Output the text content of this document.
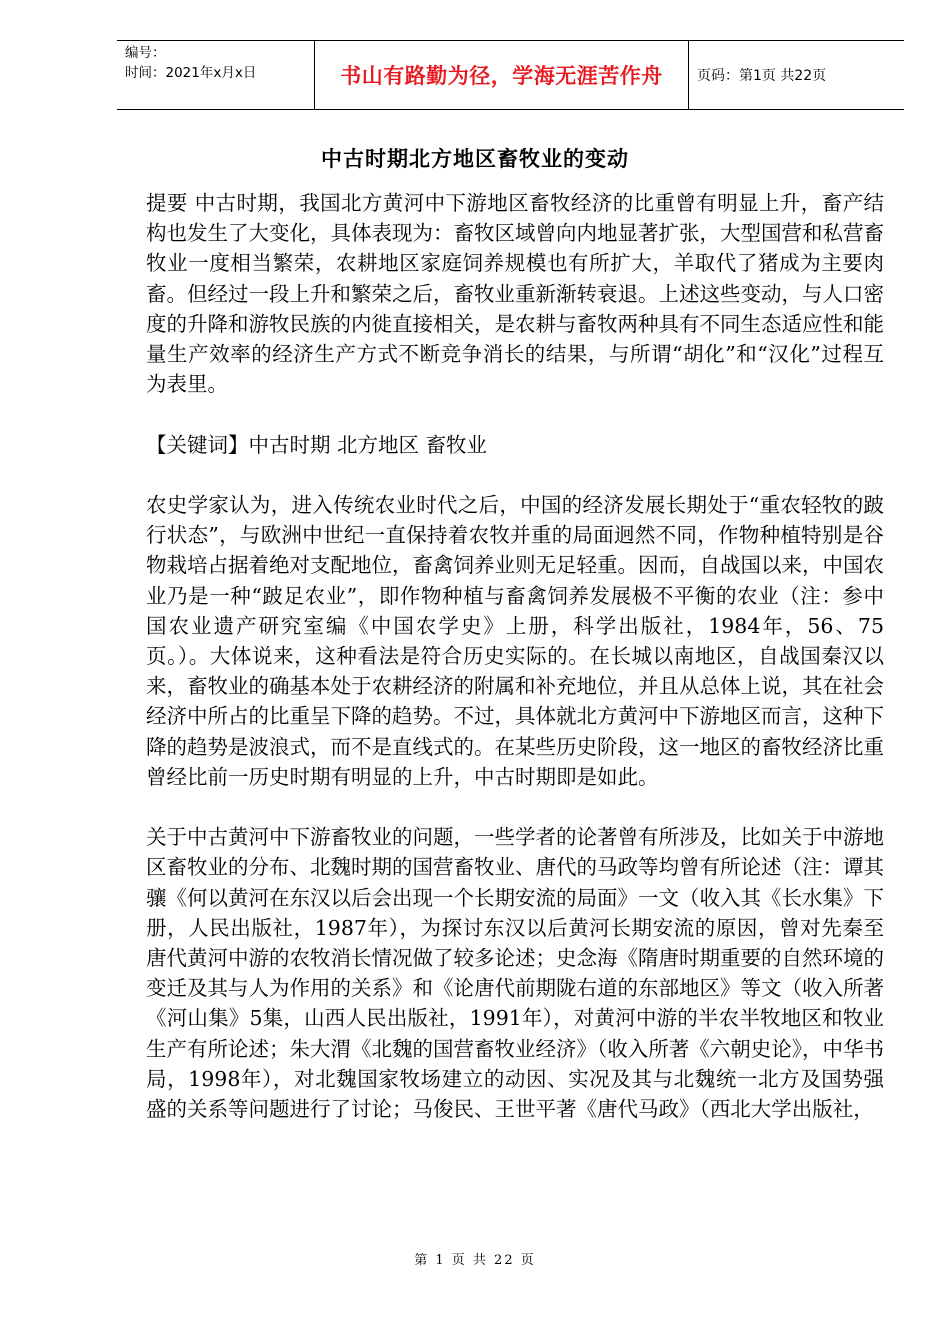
编号：
时间：2021年x月x日	书山有路勤为径，学海无涯苦作舟	页码：第1页 共22页
中古时期北方地区畜牧业的变动

提要 中古时期，我国北方黄河中下游地区畜牧经济的比重曾有明显上升，畜产结构也发生了大变化，具体表现为：畜牧区域曾向内地显著扩张，大型国营和私营畜牧业一度相当繁荣，农耕地区家庭饲养规模也有所扩大，羊取代了猪成为主要肉畜。但经过一段上升和繁荣之后，畜牧业重新渐转衰退。上述这些变动，与人口密度的升降和游牧民族的内徙直接相关，是农耕与畜牧两种具有不同生态适应性和能量生产效率的经济生产方式不断竞争消长的结果，与所谓“胡化”和“汉化”过程互为表里。

【关键词】中古时期 北方地区 畜牧业

农史学家认为，进入传统农业时代之后，中国的经济发展长期处于“重农轻牧的跛行状态”，与欧洲中世纪一直保持着农牧并重的局面迥然不同，作物种植特别是谷物栽培占据着绝对支配地位，畜禽饲养业则无足轻重。因而，自战国以来，中国农业乃是一种“跛足农业”，即作物种植与畜禽饲养发展极不平衡的农业（注：参中国农业遗产研究室编《中国农学史》上册，科学出版社，1984年，56、75页。）。大体说来，这种看法是符合历史实际的。在长城以南地区，自战国秦汉以来，畜牧业的确基本处于农耕经济的附属和补充地位，并且从总体上说，其在社会经济中所占的比重呈下降的趋势。不过，具体就北方黄河中下游地区而言，这种下降的趋势是波浪式，而不是直线式的。在某些历史阶段，这一地区的畜牧经济比重曾经比前一历史时期有明显的上升，中古时期即是如此。

关于中古黄河中下游畜牧业的问题，一些学者的论著曾有所涉及，比如关于中游地区畜牧业的分布、北魏时期的国营畜牧业、唐代的马政等均曾有所论述（注：谭其骧《何以黄河在东汉以后会出现一个长期安流的局面》一文（收入其《长水集》下册，人民出版社，1987年），为探讨东汉以后黄河长期安流的原因，曾对先秦至唐代黄河中游的农牧消长情况做了较多论述；史念海《隋唐时期重要的自然环境的变迁及其与人为作用的关系》和《论唐代前期陇右道的东部地区》等文（收入所著《河山集》5集，山西人民出版社，1991年），对黄河中游的半农半牧地区和牧业生产有所论述；朱大渭《北魏的国营畜牧业经济》（收入所著《六朝史论》，中华书局，1998年），对北魏国家牧场建立的动因、实况及其与北魏统一北方及国势强盛的关系等问题进行了讨论；马俊民、王世平著《唐代马政》（西北大学出版社，

第 1 页 共 22 页
